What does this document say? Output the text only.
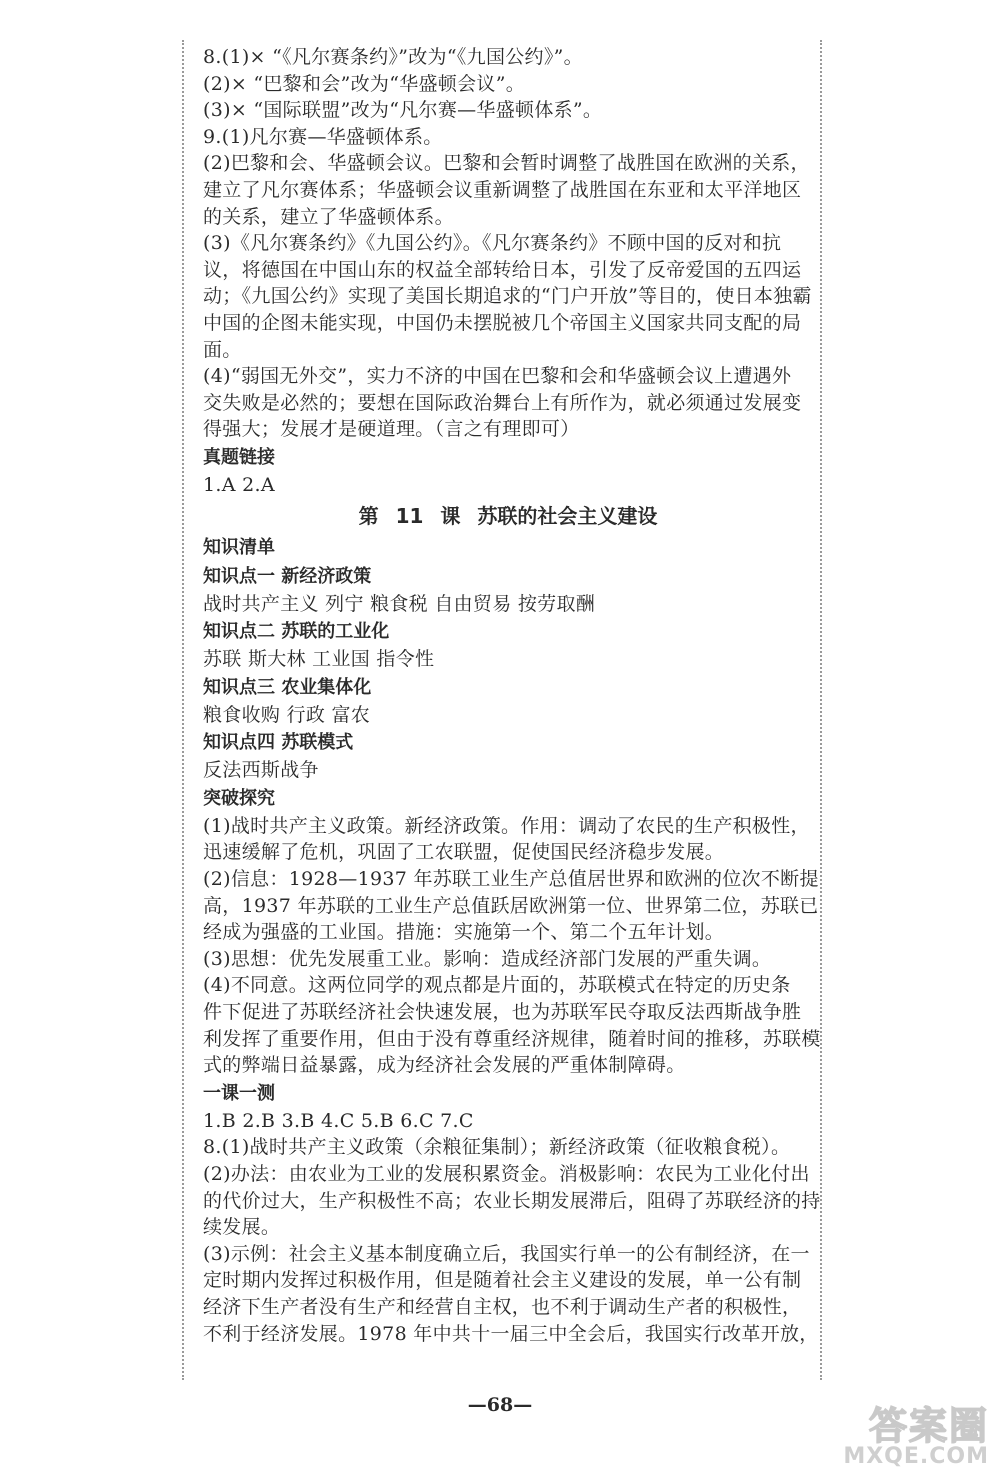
8.(1)× “《凡尔赛条约》”改为“《九国公约》”。
(2)× “巴黎和会”改为“华盛顿会议”。
(3)× “国际联盟”改为“凡尔赛—华盛顿体系”。
9.(1)凡尔赛—华盛顿体系。
(2)巴黎和会、华盛顿会议。巴黎和会暂时调整了战胜国在欧洲的关系，
建立了凡尔赛体系；华盛顿会议重新调整了战胜国在东亚和太平洋地区
的关系，建立了华盛顿体系。
(3)《凡尔赛条约》《九国公约》。《凡尔赛条约》不顾中国的反对和抗
议，将德国在中国山东的权益全部转给日本，引发了反帝爱国的五四运
动；《九国公约》实现了美国长期追求的“门户开放”等目的，使日本独霸
中国的企图未能实现，中国仍未摆脱被几个帝国主义国家共同支配的局
面。
(4)“弱国无外交”，实力不济的中国在巴黎和会和华盛顿会议上遭遇外
交失败是必然的；要想在国际政治舞台上有所作为，就必须通过发展变
得强大；发展才是硬道理。（言之有理即可）
真题链接
1.A 2.A
第 11 课 苏联的社会主义建设
知识清单
知识点一 新经济政策
战时共产主义 列宁 粮食税 自由贸易 按劳取酬
知识点二 苏联的工业化
苏联 斯大林 工业国 指令性
知识点三 农业集体化
粮食收购 行政 富农
知识点四 苏联模式
反法西斯战争
突破探究
(1)战时共产主义政策。新经济政策。作用：调动了农民的生产积极性，
迅速缓解了危机，巩固了工农联盟，促使国民经济稳步发展。
(2)信息：1928—1937 年苏联工业生产总值居世界和欧洲的位次不断提
高，1937 年苏联的工业生产总值跃居欧洲第一位、世界第二位，苏联已
经成为强盛的工业国。措施：实施第一个、第二个五年计划。
(3)思想：优先发展重工业。影响：造成经济部门发展的严重失调。
(4)不同意。这两位同学的观点都是片面的，苏联模式在特定的历史条
件下促进了苏联经济社会快速发展，也为苏联军民夺取反法西斯战争胜
利发挥了重要作用，但由于没有尊重经济规律，随着时间的推移，苏联模
式的弊端日益暴露，成为经济社会发展的严重体制障碍。
一课一测
1.B 2.B 3.B 4.C 5.B 6.C 7.C
8.(1)战时共产主义政策（余粮征集制）；新经济政策（征收粮食税）。
(2)办法：由农业为工业的发展积累资金。消极影响：农民为工业化付出
的代价过大，生产积极性不高；农业长期发展滞后，阻碍了苏联经济的持
续发展。
(3)示例：社会主义基本制度确立后，我国实行单一的公有制经济，在一
定时期内发挥过积极作用，但是随着社会主义建设的发展，单一公有制
经济下生产者没有生产和经营自主权，也不利于调动生产者的积极性，
不利于经济发展。1978 年中共十一届三中全会后，我国实行改革开放，
—68—	答案圈
MXQE.COM
